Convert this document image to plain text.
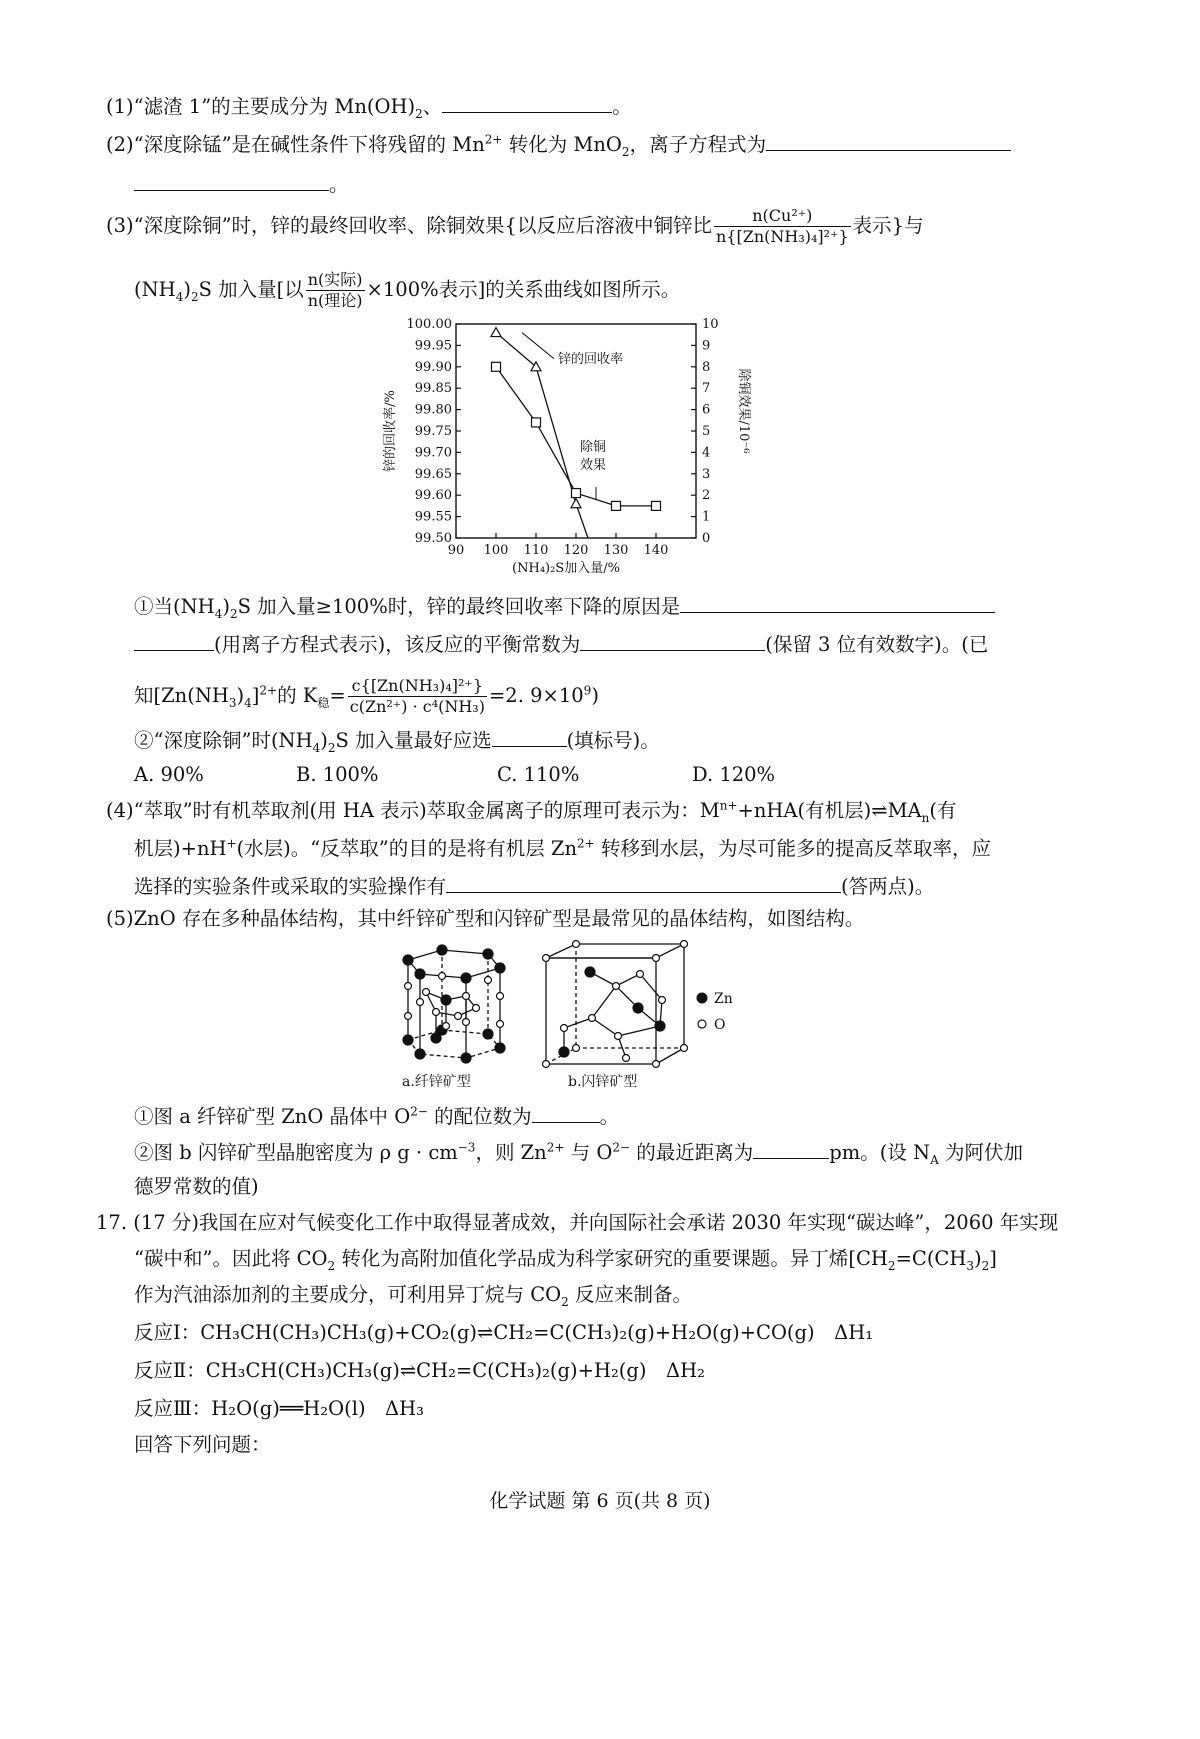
(1)“滤渣 1”的主要成分为 $Mn(OH)_2$、	。
(2)“深度除锰”是在碱性条件下将残留的 $Mn^{2+}$ 转化为 MnO$_2$，离子方程式为
。
(3)“深度除铜”时，锌的最终回收率、除铜效果{以反应后溶液中铜锌比 $\frac{\text{n(Cu²⁺)}}{\text{n\{[Zn(NH₃)₄]²⁺\}}}$ 表示}与
$(NH_4)_2S$ 加入量[以 $\frac{\text{n(实际)}}{\text{n(理论)}} \times 100\%$表示]的关系曲线如图所示。
90 100 110 120 130 140
99.50
99.55
99.60
99.65
99.70
99.75
99.80
99.85
99.90
99.95
100.00
0
1
2
3
4
5
6
7
8
9
10
(NH₄)₂S加入量/%
锌的回收率/%	除铜效果/10⁻⁶
锌的回收率
除铜
效果
①当$(NH_4)_2S$ 加入量≥100%时，锌的最终回收率下降的原因是
(用离子方程式表示)，该反应的平衡常数为	(保留 3 位有效数字)。(已
知$[Zn(NH_3)_4]^{2+}$的 $K_稳= \frac{\text{c\{[Zn(NH₃)₄]²⁺\}}}{\text{c(Zn²⁺) · c⁴(NH₃)}} =2$. $9\times 10^9$)
②“深度除铜”时$(NH_4)_2S$ 加入量最好应选	(填标号)。
A. 90%	B. 100%	C. 110%	D. 120%
(4)“萃取”时有机萃取剂(用 HA 表示)萃取金属离子的原理可表示为：$M^{n+}+nHA$(有机层)$\rightleftharpoons MA_n$(有
机层)+nH+(水层)。“反萃取”的目的是将有机层 $Zn^{2+}$ 转移到水层，为尽可能多的提高反萃取率，应
选择的实验条件或采取的实验操作有	(答两点)。
(5)ZnO 存在多种晶体结构，其中纤锌矿型和闪锌矿型是最常见的晶体结构，如图结构。
a.纤锌矿型	b.闪锌矿型
Zn
O
①图 a 纤锌矿型 ZnO 晶体中 $O^{2-}$ 的配位数为	。
②图 b 闪锌矿型晶胞密度为 ρ $g \cdot cm^{-3}$，则 $Zn^{2+}$ 与 $O^{2-}$ 的最近距离为	pm。(设 $N_A$ 为阿伏加
德罗常数的值)
17. (17 分)我国在应对气候变化工作中取得显著成效，并向国际社会承诺 2030 年实现“碳达峰”，2060 年实现
“碳中和”。因此将 $CO_2$ 转化为高附加值化学品成为科学家研究的重要课题。异丁烯$[CH_2=C(CH_3)_2]$
作为汽油添加剂的主要成分，可利用异丁烷与 $CO_2$ 反应来制备。
反应Ⅰ：CH₃CH(CH₃)CH₃(g)+CO₂(g)⇌CH₂=C(CH₃)₂(g)+H₂O(g)+CO(g)　ΔH₁
反应Ⅱ：CH₃CH(CH₃)CH₃(g)⇌CH₂=C(CH₃)₂(g)+H₂(g)　ΔH₂
反应Ⅲ：H₂O(g)══H₂O(l)　ΔH₃
回答下列问题：
化学试题 第 6 页(共 8 页)
